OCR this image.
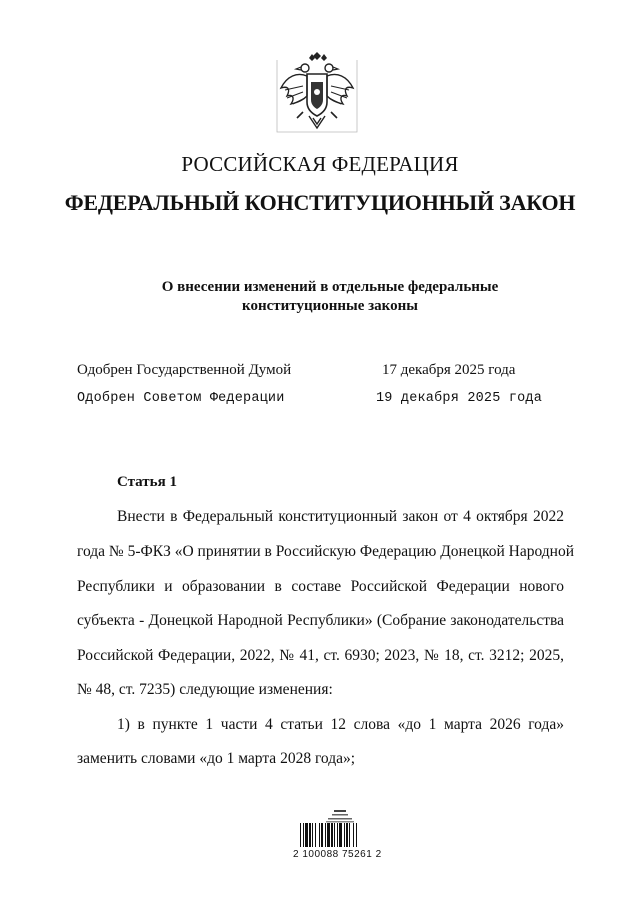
РОССИЙСКАЯ ФЕДЕРАЦИЯ
ФЕДЕРАЛЬНЫЙ КОНСТИТУЦИОННЫЙ ЗАКОН
О внесении изменений в отдельные федеральные
конституционные законы
Одобрен Государственной Думой	17 декабря 2025 года
Одобрен Советом Федерации	19 декабря 2025 года
Статья 1
Внести в Федеральный конституционный закон от 4 октября 2022
года № 5-ФКЗ «О принятии в Российскую Федерацию Донецкой Народной
Республики и образовании в составе Российской Федерации нового
субъекта - Донецкой Народной Республики» (Собрание законодательства
Российской Федерации, 2022, № 41, ст. 6930; 2023, № 18, ст. 3212; 2025,
№ 48, ст. 7235) следующие изменения:
1) в пункте 1 части 4 статьи 12 слова «до 1 марта 2026 года»
заменить словами «до 1 марта 2028 года»;
2 100088 75261 2
